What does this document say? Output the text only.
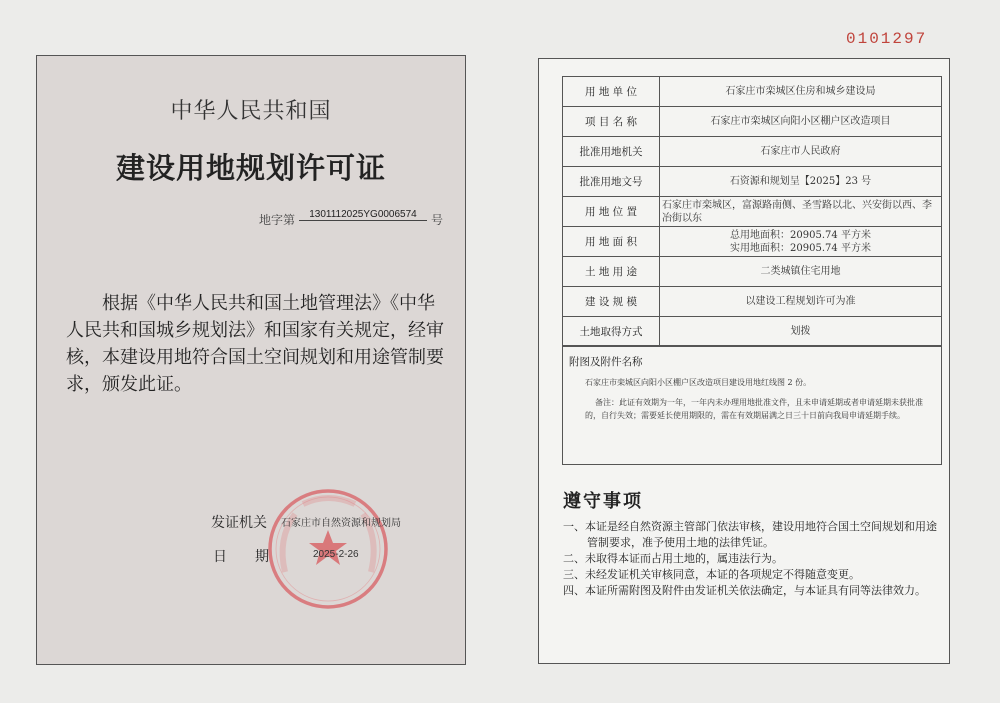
0101297
中华人民共和国
建设用地规划许可证
地字第	1301112025YG0006574	号
根据《中华人民共和国土地管理法》《中华人民共和国城乡规划法》和国家有关规定，经审核，本建设用地符合国土空间规划和用途管制要求，颁发此证。
发证机关 石家庄市自然资源和规划局
日期 2025-2-26
用 地 单 位	石家庄市栾城区住房和城乡建设局

项 目 名 称	石家庄市栾城区向阳小区棚户区改造项目

批准用地机关	石家庄市人民政府

批准用地文号	石资源和规划呈【2025】23 号

用 地 位 置	石家庄市栾城区，富源路南侧、圣雪路以北、兴安街以西、李冶街以东

用 地 面 积	总用地面积：20905.74 平方米
实用地面积：20905.74 平方米

土 地 用 途	二类城镇住宅用地

建 设 规 模	以建设工程规划许可为准

土地取得方式	划拨
附图及附件名称
石家庄市栾城区向阳小区棚户区改造项目建设用地红线图 2 份。
备注：此证有效期为一年，一年内未办理用地批准文件，且未申请延期或者申请延期未获批准的，自行失效；需要延长使用期限的，需在有效期届满之日三十日前向我局申请延期手续。
遵守事项
一、本证是经自然资源主管部门依法审核，建设用地符合国土空间规划和用途管制要求，准予使用土地的法律凭证。
二、未取得本证而占用土地的，属违法行为。
三、未经发证机关审核同意，本证的各项规定不得随意变更。
四、本证所需附图及附件由发证机关依法确定，与本证具有同等法律效力。
